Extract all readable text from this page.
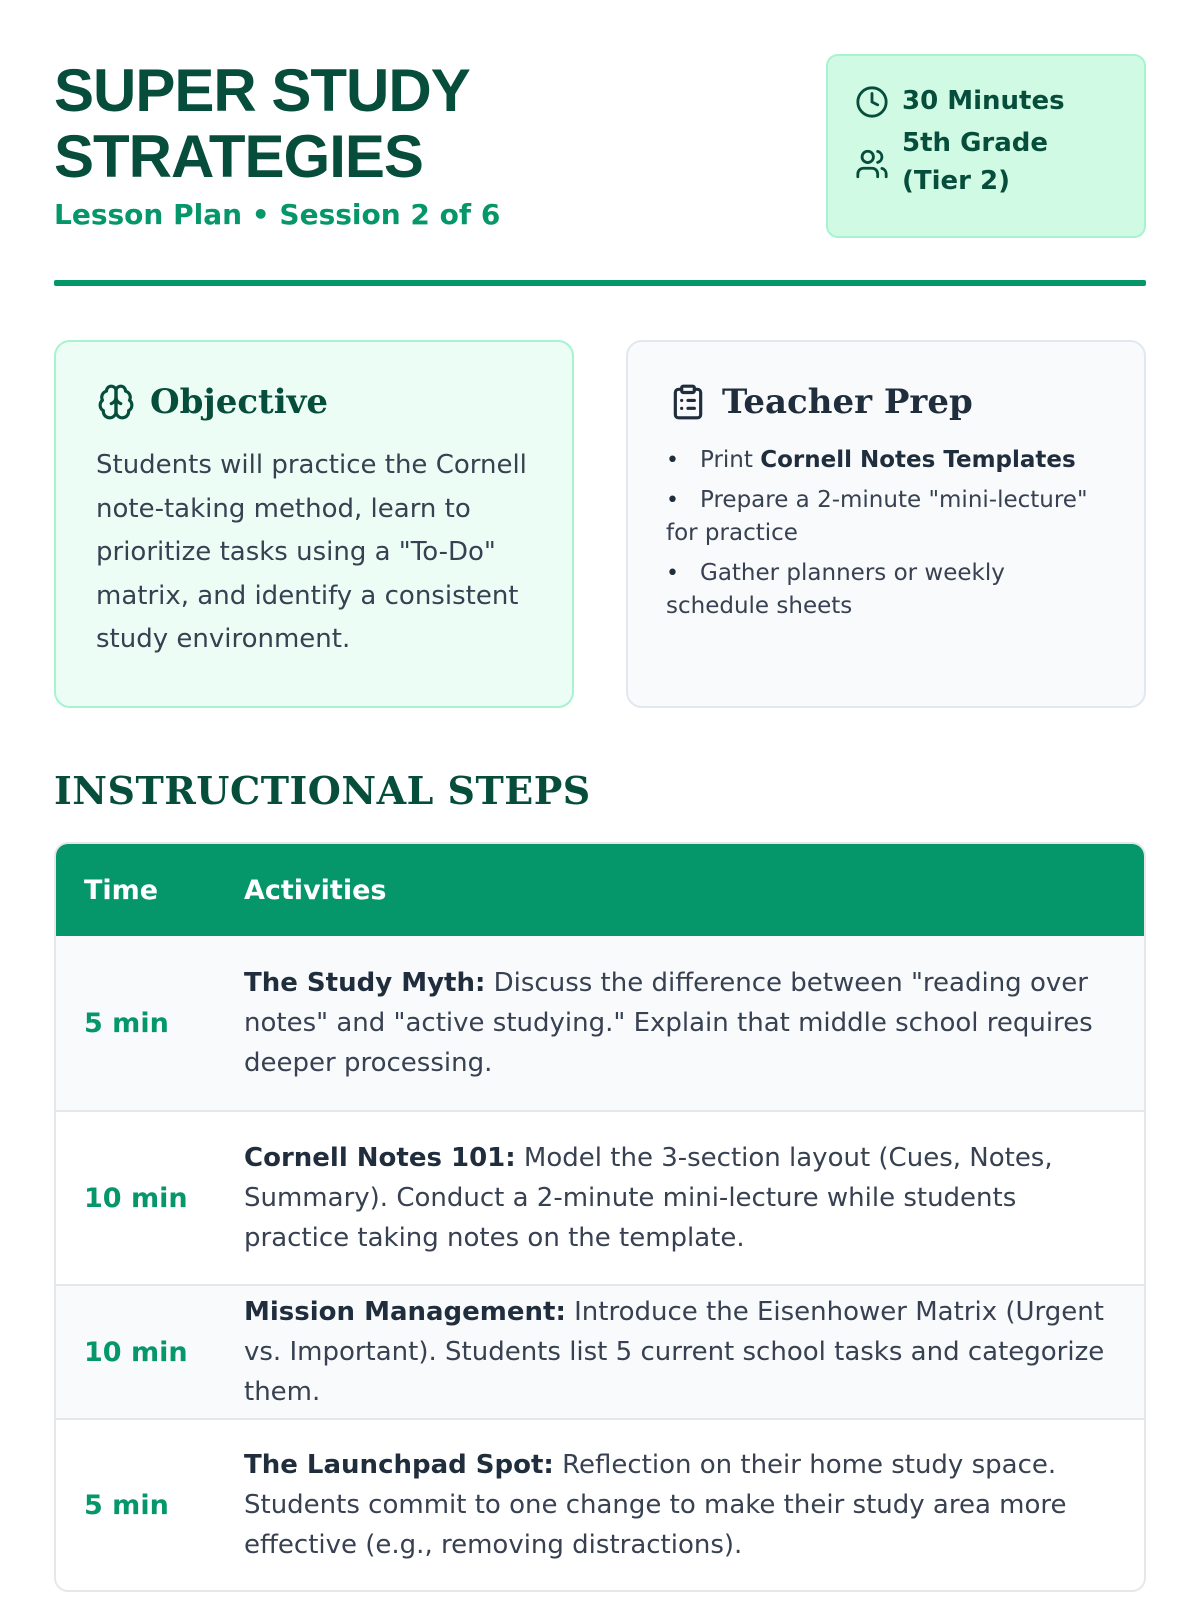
SUPER STUDY STRATEGIES
Lesson Plan • Session 2 of 6
30 Minutes
5th Grade (Tier 2)
Objective

Students will practice the Cornell note-taking method, learn to prioritize tasks using a "To-Do" matrix, and identify a consistent study environment.

Teacher Prep
• Print Cornell Notes Templates
• Prepare a 2-minute "mini-lecture" for practice
• Gather planners or weekly schedule sheets
INSTRUCTIONAL STEPS
Time	Activities
5 min
The Study Myth: Discuss the difference between "reading over notes" and "active studying." Explain that middle school requires deeper processing.
10 min
Cornell Notes 101: Model the 3-section layout (Cues, Notes, Summary). Conduct a 2-minute mini-lecture while students practice taking notes on the template.
10 min
Mission Management: Introduce the Eisenhower Matrix (Urgent vs. Important). Students list 5 current school tasks and categorize them.
5 min
The Launchpad Spot: Reflection on their home study space. Students commit to one change to make their study area more effective (e.g., removing distractions).
